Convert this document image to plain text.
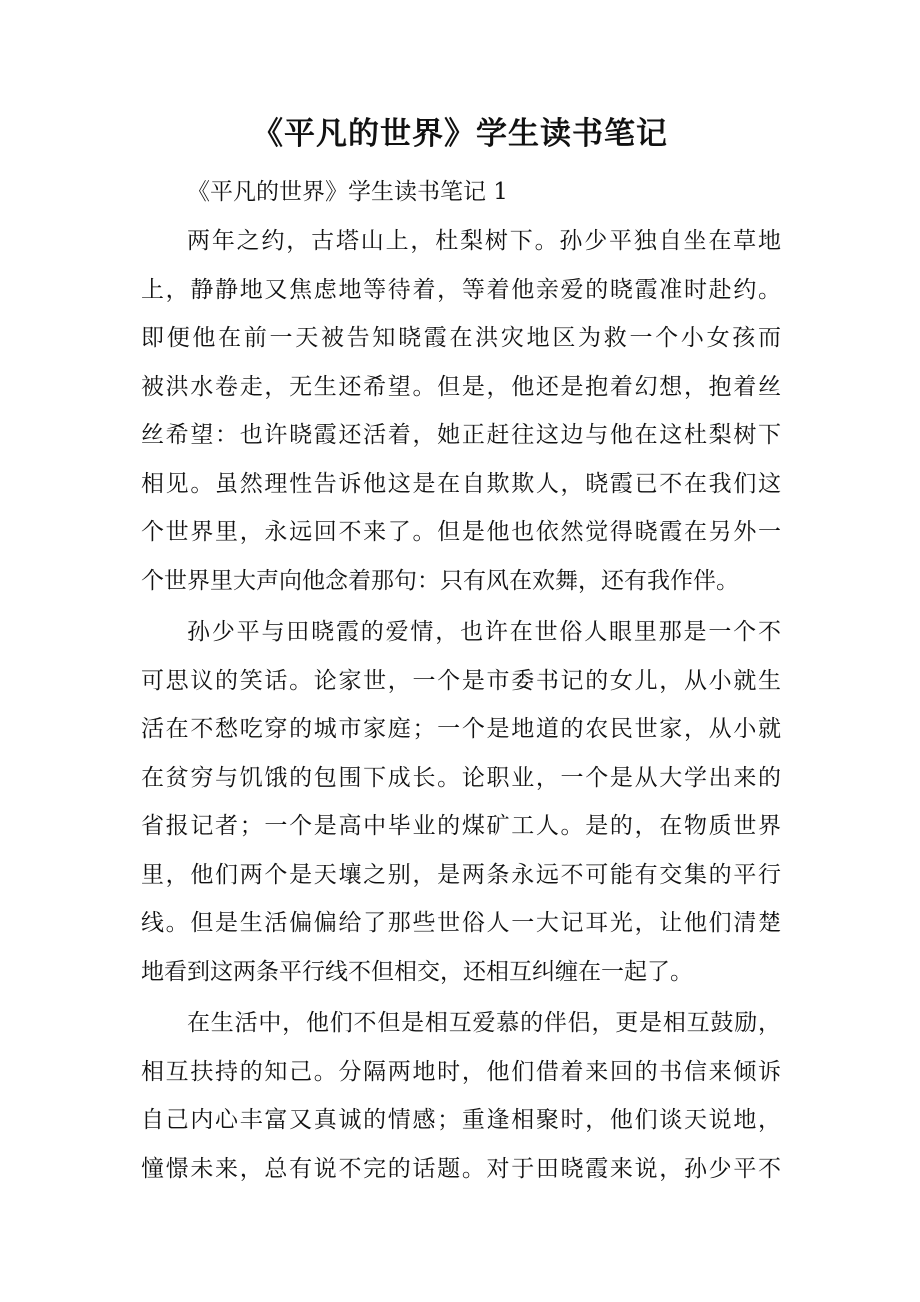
《平凡的世界》学生读书笔记

《平凡的世界》学生读书笔记 1

两年之约，古塔山上，杜梨树下。孙少平独自坐在草地
上，静静地又焦虑地等待着，等着他亲爱的晓霞准时赴约。
即便他在前一天被告知晓霞在洪灾地区为救一个小女孩而
被洪水卷走，无生还希望。但是，他还是抱着幻想，抱着丝
丝希望：也许晓霞还活着，她正赶往这边与他在这杜梨树下
相见。虽然理性告诉他这是在自欺欺人，晓霞已不在我们这
个世界里，永远回不来了。但是他也依然觉得晓霞在另外一
个世界里大声向他念着那句：只有风在欢舞，还有我作伴。
孙少平与田晓霞的爱情，也许在世俗人眼里那是一个不
可思议的笑话。论家世，一个是市委书记的女儿，从小就生
活在不愁吃穿的城市家庭；一个是地道的农民世家，从小就
在贫穷与饥饿的包围下成长。论职业，一个是从大学出来的
省报记者；一个是高中毕业的煤矿工人。是的，在物质世界
里，他们两个是天壤之别，是两条永远不可能有交集的平行
线。但是生活偏偏给了那些世俗人一大记耳光，让他们清楚
地看到这两条平行线不但相交，还相互纠缠在一起了。
在生活中，他们不但是相互爱慕的伴侣，更是相互鼓励，
相互扶持的知己。分隔两地时，他们借着来回的书信来倾诉
自己内心丰富又真诚的情感；重逢相聚时，他们谈天说地，
憧憬未来，总有说不完的话题。对于田晓霞来说，孙少平不
